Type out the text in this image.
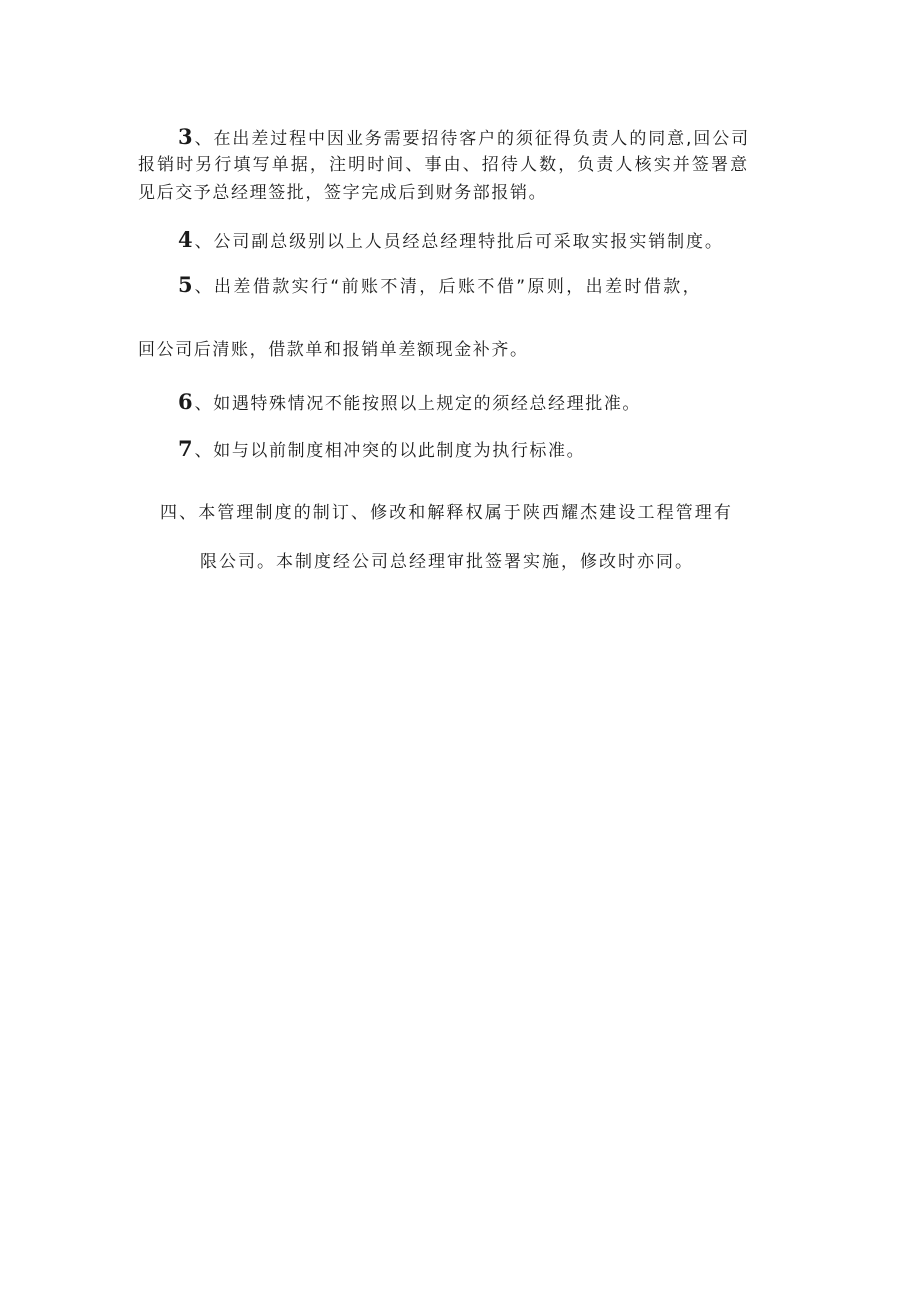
3 、在出差过程中因业务需要招待客户的须征得负责人的同意,回公司
报销时另行填写单据，注明时间、事由、招待人数，负责人核实并签署意
见后交予总经理签批，签字完成后到财务部报销。
4 、公司副总级别以上人员经总经理特批后可采取实报实销制度。
5 、出差借款实行“前账不清，后账不借”原则，出差时借款，
回公司后清账，借款单和报销单差额现金补齐。
6 、如遇特殊情况不能按照以上规定的须经总经理批准。
7 、如与以前制度相冲突的以此制度为执行标准。
四、本管理制度的制订、修改和解释权属于陕西耀杰建设工程管理有
限公司。本制度经公司总经理审批签署实施，修改时亦同。
